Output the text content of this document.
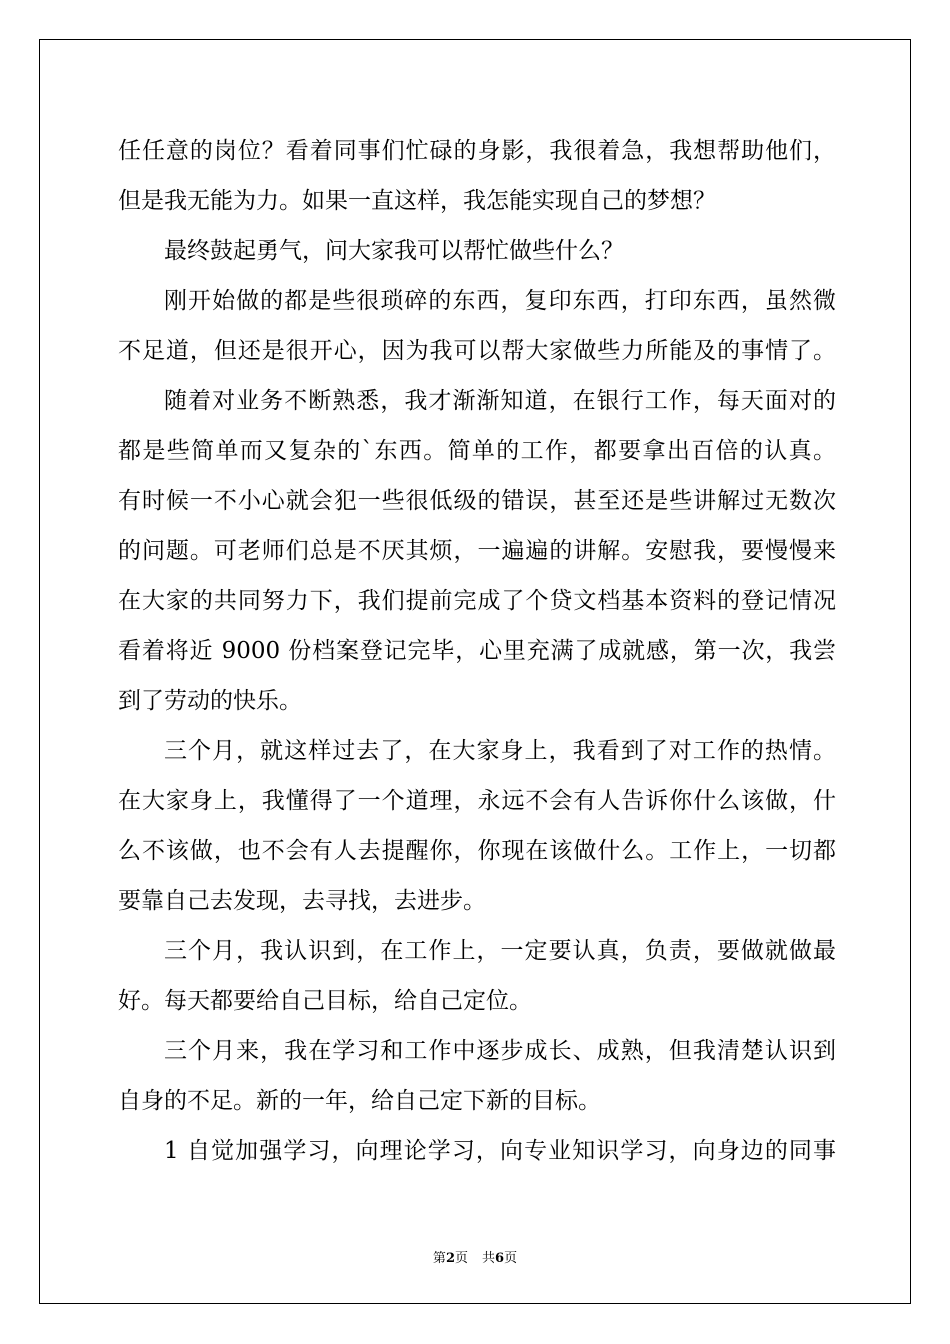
任任意的岗位？看着同事们忙碌的身影，我很着急，我想帮助他们，
但是我无能为力。如果一直这样，我怎能实现自己的梦想？
最终鼓起勇气，问大家我可以帮忙做些什么？
刚开始做的都是些很琐碎的东西，复印东西，打印东西，虽然微
不足道，但还是很开心，因为我可以帮大家做些力所能及的事情了。
随着对业务不断熟悉，我才渐渐知道，在银行工作，每天面对的
都是些简单而又复杂的`东西。简单的工作，都要拿出百倍的认真。
有时候一不小心就会犯一些很低级的错误，甚至还是些讲解过无数次
的问题。可老师们总是不厌其烦，一遍遍的讲解。安慰我，要慢慢来
在大家的共同努力下，我们提前完成了个贷文档基本资料的登记情况
看着将近 9000 份档案登记完毕，心里充满了成就感，第一次，我尝
到了劳动的快乐。
三个月，就这样过去了，在大家身上，我看到了对工作的热情。
在大家身上，我懂得了一个道理，永远不会有人告诉你什么该做，什
么不该做，也不会有人去提醒你，你现在该做什么。工作上，一切都
要靠自己去发现，去寻找，去进步。
三个月，我认识到，在工作上，一定要认真，负责，要做就做最
好。每天都要给自己目标，给自己定位。
三个月来，我在学习和工作中逐步成长、成熟，但我清楚认识到
自身的不足。新的一年，给自己定下新的目标。
1 自觉加强学习，向理论学习，向专业知识学习，向身边的同事
第2页 共6页
